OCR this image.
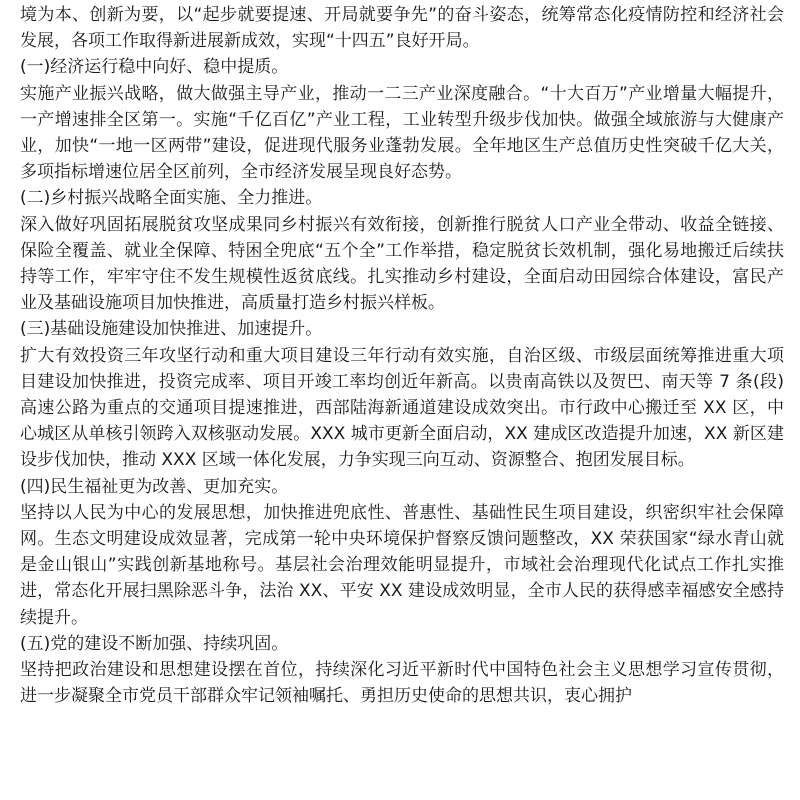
境为本、创新为要，以“起步就要提速、开局就要争先”的奋斗姿态，统筹常态化疫情防控和经济社会发展，各项工作取得新进展新成效，实现“十四五”良好开局。

(一)经济运行稳中向好、稳中提质。

实施产业振兴战略，做大做强主导产业，推动一二三产业深度融合。“十大百万”产业增量大幅提升，一产增速排全区第一。实施“千亿百亿”产业工程，工业转型升级步伐加快。做强全域旅游与大健康产业，加快“一地一区两带”建设，促进现代服务业蓬勃发展。全年地区生产总值历史性突破千亿大关，多项指标增速位居全区前列，全市经济发展呈现良好态势。

(二)乡村振兴战略全面实施、全力推进。

深入做好巩固拓展脱贫攻坚成果同乡村振兴有效衔接，创新推行脱贫人口产业全带动、收益全链接、保险全覆盖、就业全保障、特困全兜底“五个全”工作举措，稳定脱贫长效机制，强化易地搬迁后续扶持等工作，牢牢守住不发生规模性返贫底线。扎实推动乡村建设，全面启动田园综合体建设，富民产业及基础设施项目加快推进，高质量打造乡村振兴样板。

(三)基础设施建设加快推进、加速提升。

扩大有效投资三年攻坚行动和重大项目建设三年行动有效实施，自治区级、市级层面统筹推进重大项目建设加快推进，投资完成率、项目开竣工率均创近年新高。以贵南高铁以及贺巴、南天等 7 条(段)高速公路为重点的交通项目提速推进，西部陆海新通道建设成效突出。市行政中心搬迁至 XX 区，中心城区从单核引领跨入双核驱动发展。XXX 城市更新全面启动，XX 建成区改造提升加速，XX 新区建设步伐加快，推动 XXX 区域一体化发展，力争实现三向互动、资源整合、抱团发展目标。

(四)民生福祉更为改善、更加充实。

坚持以人民为中心的发展思想，加快推进兜底性、普惠性、基础性民生项目建设，织密织牢社会保障网。生态文明建设成效显著，完成第一轮中央环境保护督察反馈问题整改，XX 荣获国家“绿水青山就是金山银山”实践创新基地称号。基层社会治理效能明显提升，市域社会治理现代化试点工作扎实推进，常态化开展扫黑除恶斗争，法治 XX、平安 XX 建设成效明显，全市人民的获得感幸福感安全感持续提升。

(五)党的建设不断加强、持续巩固。

坚持把政治建设和思想建设摆在首位，持续深化习近平新时代中国特色社会主义思想学习宣传贯彻，进一步凝聚全市党员干部群众牢记领袖嘱托、勇担历史使命的思想共识，衷心拥护
